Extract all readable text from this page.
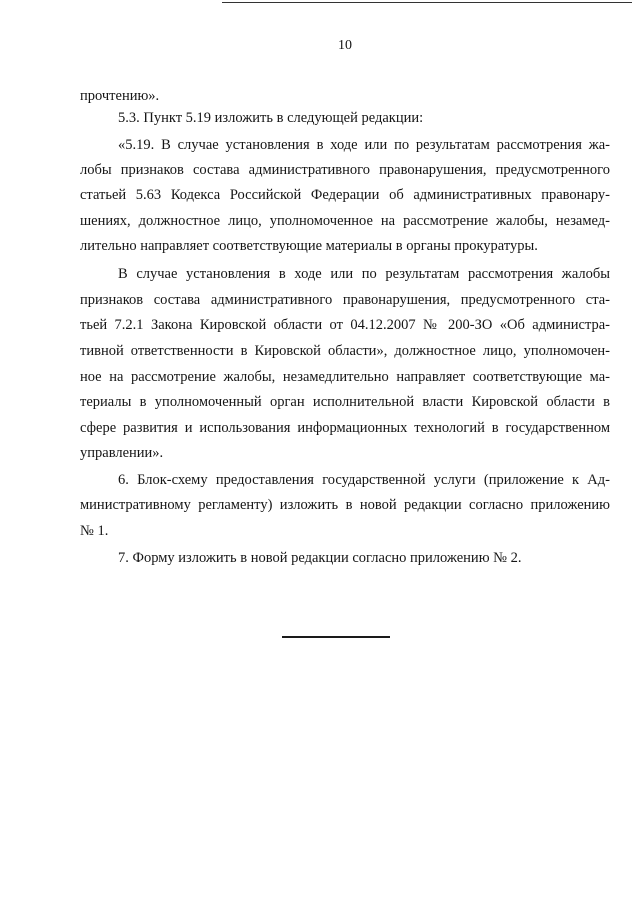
10
прочтению».
5.3. Пункт 5.19 изложить в следующей редакции:
«5.19. В случае установления в ходе или по результатам рассмотрения жа-
лобы признаков состава административного правонарушения, предусмотренного
статьей 5.63 Кодекса Российской Федерации об административных правонару-
шениях, должностное лицо, уполномоченное на рассмотрение жалобы, незамед-
лительно направляет соответствующие материалы в органы прокуратуры.
В случае установления в ходе или по результатам рассмотрения жалобы
признаков состава административного правонарушения, предусмотренного ста-
тьей 7.2.1 Закона Кировской области от 04.12.2007 № 200-ЗО «Об администра-
тивной ответственности в Кировской области», должностное лицо, уполномочен-
ное на рассмотрение жалобы, незамедлительно направляет соответствующие ма-
териалы в уполномоченный орган исполнительной власти Кировской области в
сфере развития и использования информационных технологий в государственном
управлении».
6. Блок-схему предоставления государственной услуги (приложение к Ад-
министративному регламенту) изложить в новой редакции согласно приложению
№ 1.
7. Форму изложить в новой редакции согласно приложению № 2.
